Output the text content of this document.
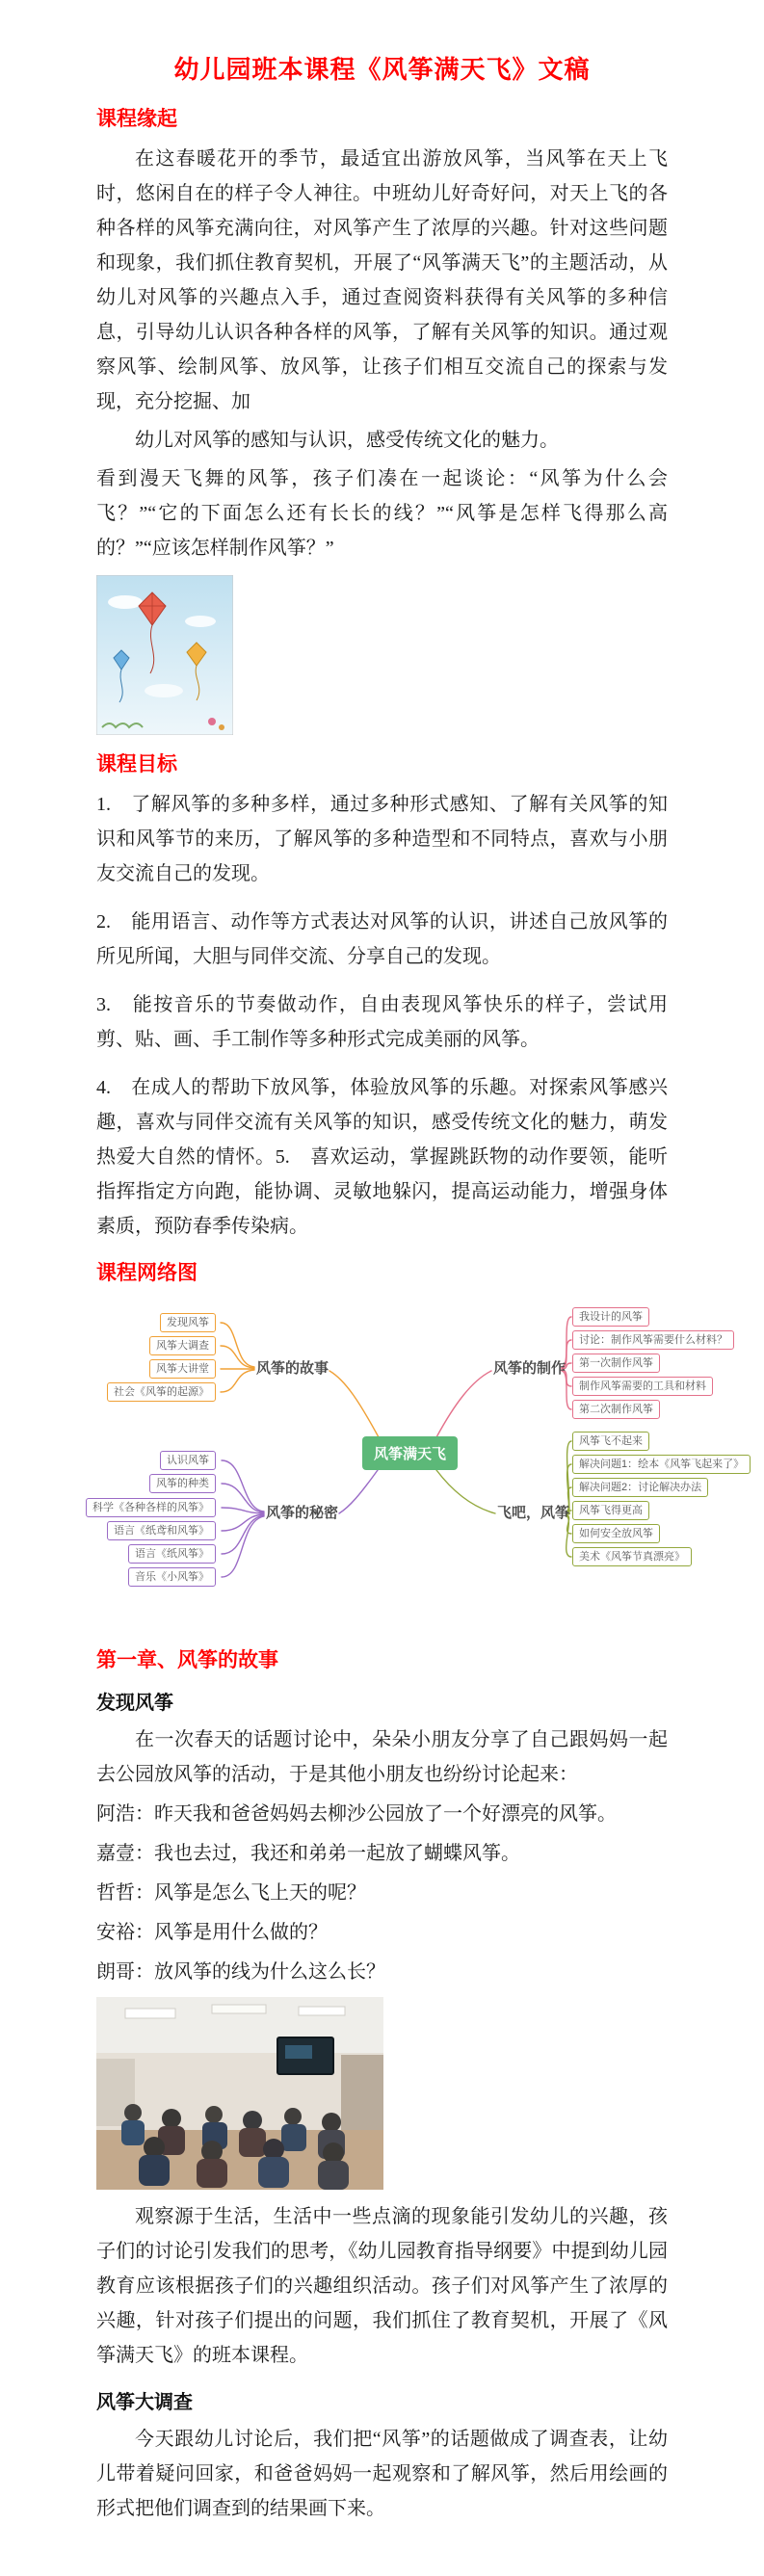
幼儿园班本课程《风筝满天飞》文稿
课程缘起

在这春暖花开的季节，最适宜出游放风筝，当风筝在天上飞时，悠闲自在的样子令人神往。中班幼儿好奇好问，对天上飞的各种各样的风筝充满向往，对风筝产生了浓厚的兴趣。针对这些问题和现象，我们抓住教育契机，开展了“风筝满天飞”的主题活动，从幼儿对风筝的兴趣点入手，通过查阅资料获得有关风筝的多种信息，引导幼儿认识各种各样的风筝，了解有关风筝的知识。通过观察风筝、绘制风筝、放风筝，让孩子们相互交流自己的探索与发现，充分挖掘、加

幼儿对风筝的感知与认识，感受传统文化的魅力。

看到漫天飞舞的风筝，孩子们凑在一起谈论：“风筝为什么会飞？”“它的下面怎么还有长长的线？”“风筝是怎样飞得那么高的？”“应该怎样制作风筝？”

课程目标

1.　了解风筝的多种多样，通过多种形式感知、了解有关风筝的知识和风筝节的来历，了解风筝的多种造型和不同特点，喜欢与小朋友交流自己的发现。

2.　能用语言、动作等方式表达对风筝的认识，讲述自己放风筝的所见所闻，大胆与同伴交流、分享自己的发现。

3.　能按音乐的节奏做动作，自由表现风筝快乐的样子，尝试用剪、贴、画、手工制作等多种形式完成美丽的风筝。

4.　在成人的帮助下放风筝，体验放风筝的乐趣。对探索风筝感兴趣，喜欢与同伴交流有关风筝的知识，感受传统文化的魅力，萌发热爱大自然的情怀。5.　喜欢运动，掌握跳跃物的动作要领，能听指挥指定方向跑，能协调、灵敏地躲闪，提高运动能力，增强身体素质，预防春季传染病。

课程网络图
风筝满天飞
风筝的故事	风筝的制作
风筝的秘密	飞吧，风筝
发现风筝
风筝大调查
风筝大讲堂
社会《风筝的起源》
我设计的风筝
讨论：制作风筝需要什么材料？
第一次制作风筝
制作风筝需要的工具和材料
第二次制作风筝
认识风筝
风筝的种类
科学《各种各样的风筝》
语言《纸鸢和风筝》
语言《纸风筝》
音乐《小风筝》
风筝飞不起来
解决问题1：绘本《风筝飞起来了》
解决问题2：讨论解决办法
风筝飞得更高
如何安全放风筝
美术《风筝节真漂亮》
第一章、风筝的故事
发现风筝

在一次春天的话题讨论中，朵朵小朋友分享了自己跟妈妈一起去公园放风筝的活动，于是其他小朋友也纷纷讨论起来：

阿浩：昨天我和爸爸妈妈去柳沙公园放了一个好漂亮的风筝。

嘉壹：我也去过，我还和弟弟一起放了蝴蝶风筝。

哲哲：风筝是怎么飞上天的呢？

安裕：风筝是用什么做的？

朗哥：放风筝的线为什么这么长？

观察源于生活，生活中一些点滴的现象能引发幼儿的兴趣，孩子们的讨论引发我们的思考，《幼儿园教育指导纲要》中提到幼儿园教育应该根据孩子们的兴趣组织活动。孩子们对风筝产生了浓厚的兴趣，针对孩子们提出的问题，我们抓住了教育契机，开展了《风筝满天飞》的班本课程。

风筝大调查

今天跟幼儿讨论后，我们把“风筝”的话题做成了调查表，让幼儿带着疑问回家，和爸爸妈妈一起观察和了解风筝，然后用绘画的形式把他们调查到的结果画下来。
